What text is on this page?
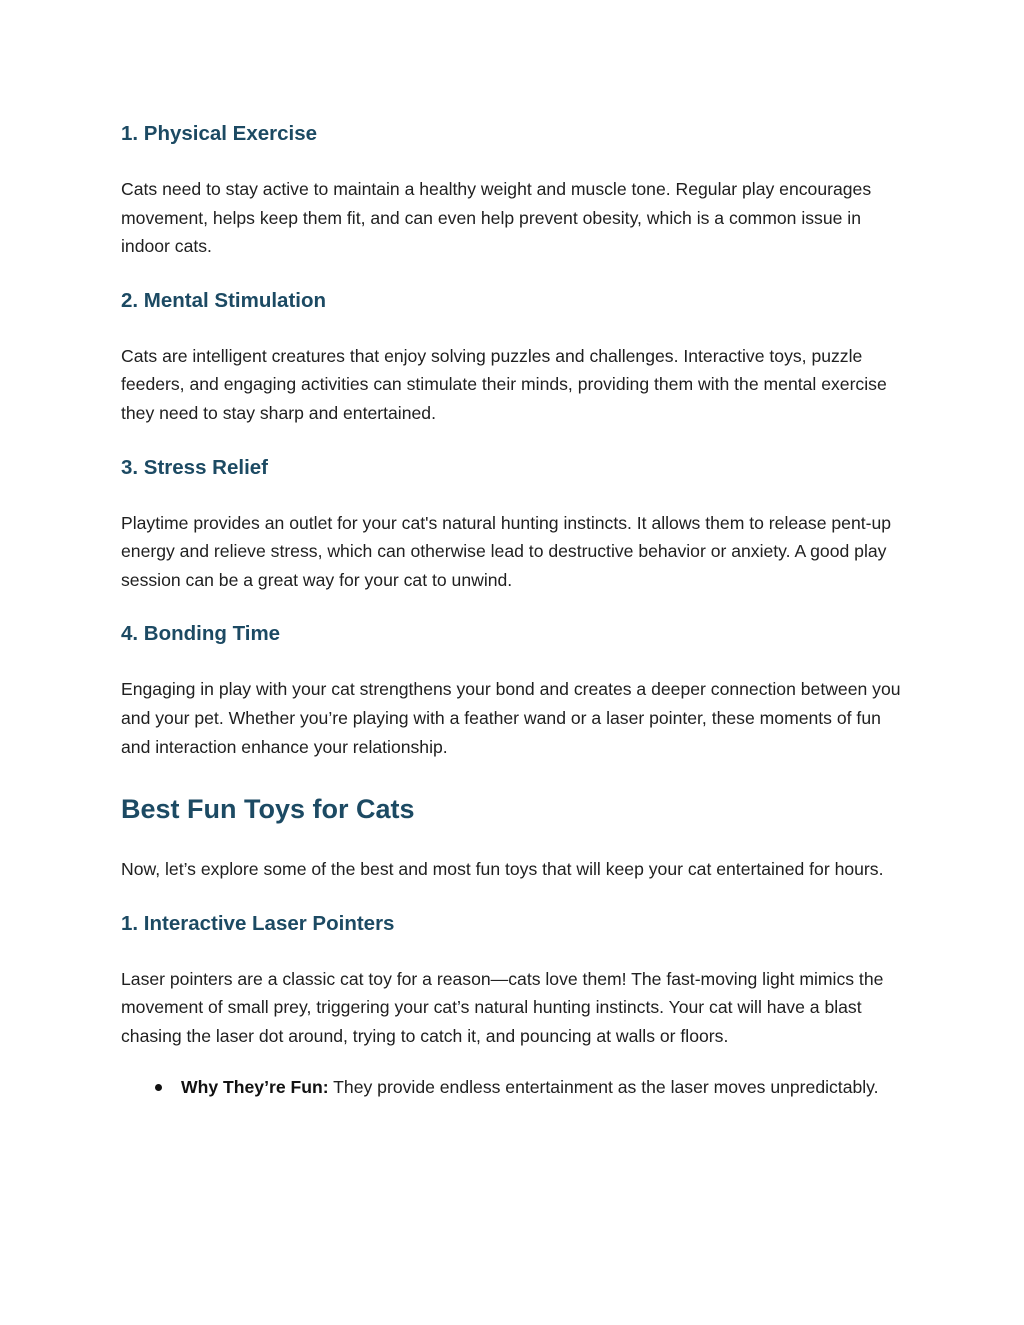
1. Physical Exercise

Cats need to stay active to maintain a healthy weight and muscle tone. Regular play encourages movement, helps keep them fit, and can even help prevent obesity, which is a common issue in indoor cats.

2. Mental Stimulation

Cats are intelligent creatures that enjoy solving puzzles and challenges. Interactive toys, puzzle feeders, and engaging activities can stimulate their minds, providing them with the mental exercise they need to stay sharp and entertained.

3. Stress Relief

Playtime provides an outlet for your cat's natural hunting instincts. It allows them to release pent-up energy and relieve stress, which can otherwise lead to destructive behavior or anxiety. A good play session can be a great way for your cat to unwind.

4. Bonding Time

Engaging in play with your cat strengthens your bond and creates a deeper connection between you and your pet. Whether you’re playing with a feather wand or a laser pointer, these moments of fun and interaction enhance your relationship.

Best Fun Toys for Cats

Now, let’s explore some of the best and most fun toys that will keep your cat entertained for hours.

1. Interactive Laser Pointers

Laser pointers are a classic cat toy for a reason—cats love them! The fast-moving light mimics the movement of small prey, triggering your cat’s natural hunting instincts. Your cat will have a blast chasing the laser dot around, trying to catch it, and pouncing at walls or floors.

Why They’re Fun: They provide endless entertainment as the laser moves unpredictably.
